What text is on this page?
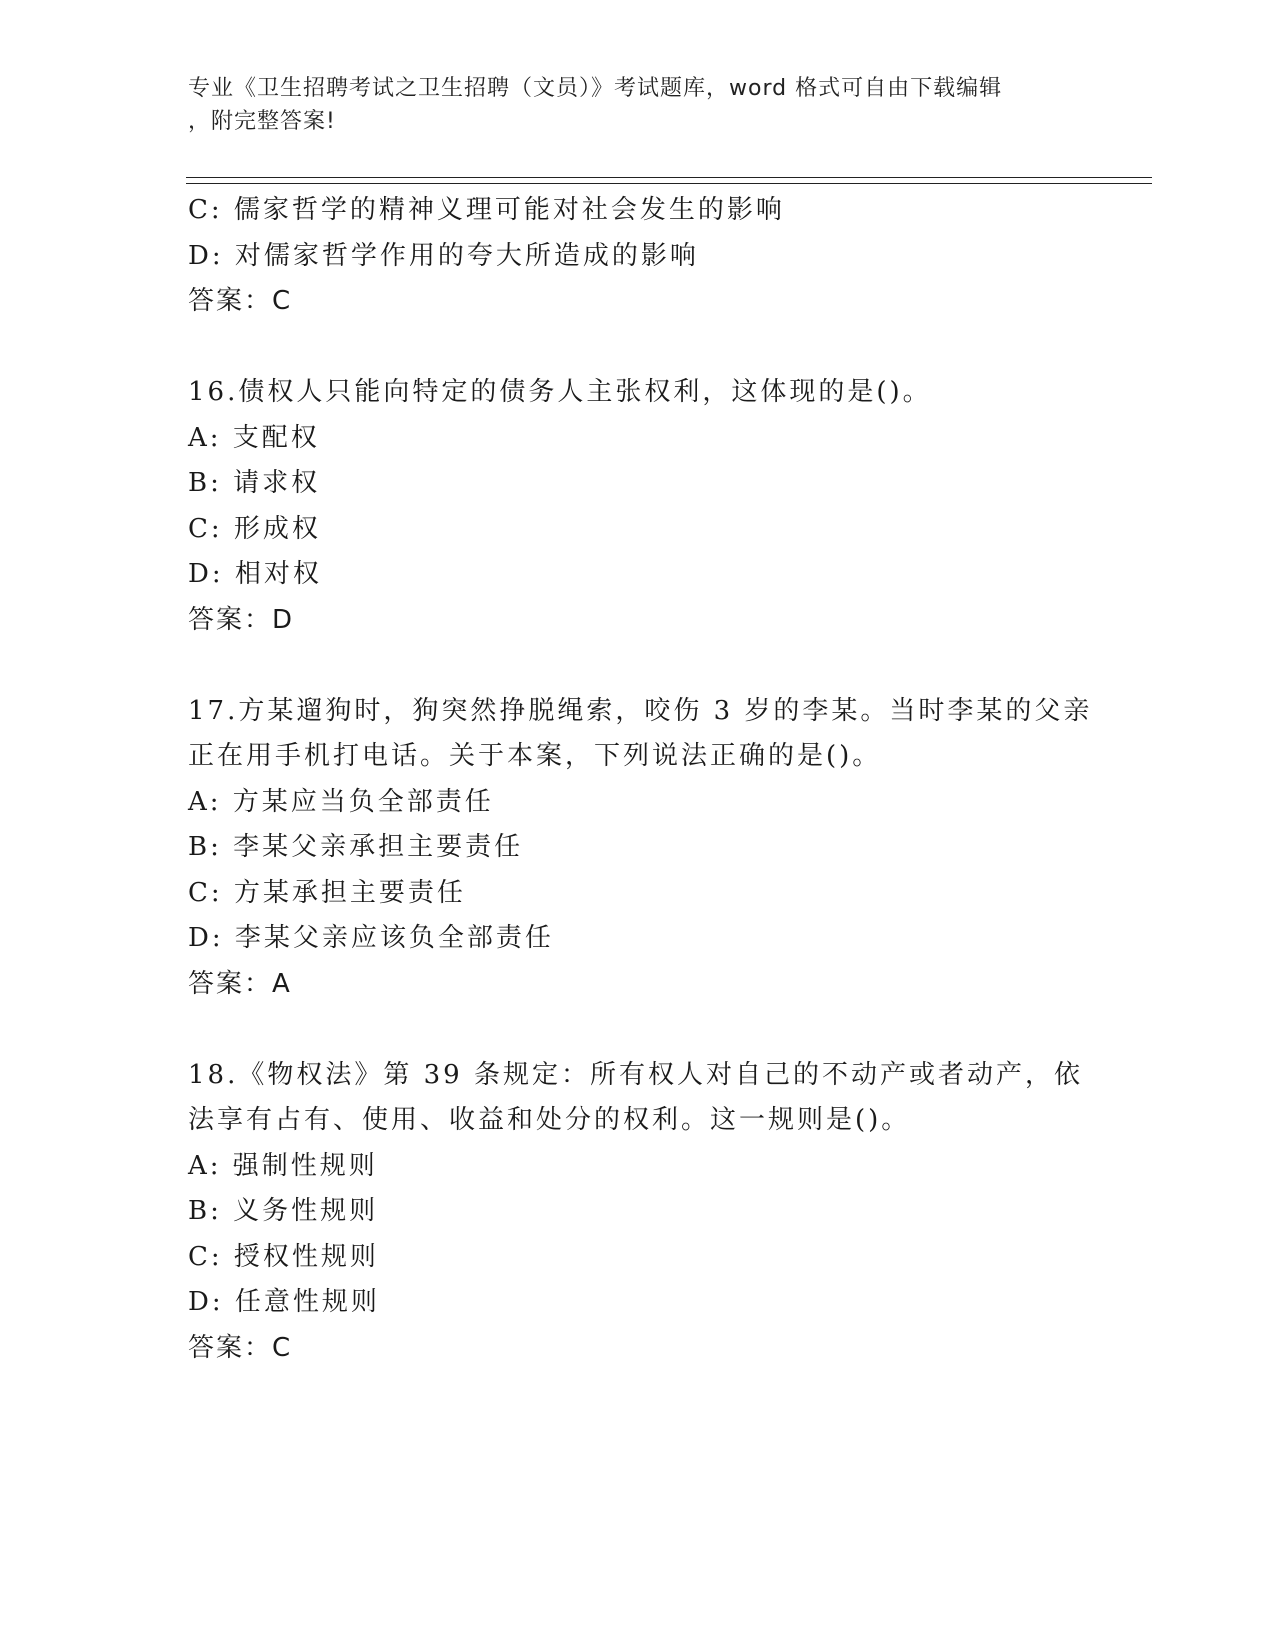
专业《卫生招聘考试之卫生招聘（文员）》考试题库，word 格式可自由下载编辑
，附完整答案!
C: 儒家哲学的精神义理可能对社会发生的影响
D: 对儒家哲学作用的夸大所造成的影响
答案：C
16.债权人只能向特定的债务人主张权利，这体现的是()。
A: 支配权
B: 请求权
C: 形成权
D: 相对权
答案：D
17.方某遛狗时，狗突然挣脱绳索，咬伤 3 岁的李某。当时李某的父亲
正在用手机打电话。关于本案，下列说法正确的是()。
A: 方某应当负全部责任
B: 李某父亲承担主要责任
C: 方某承担主要责任
D: 李某父亲应该负全部责任
答案：A
18.《物权法》第 39 条规定：所有权人对自己的不动产或者动产，依
法享有占有、使用、收益和处分的权利。这一规则是()。
A: 强制性规则
B: 义务性规则
C: 授权性规则
D: 任意性规则
答案：C
